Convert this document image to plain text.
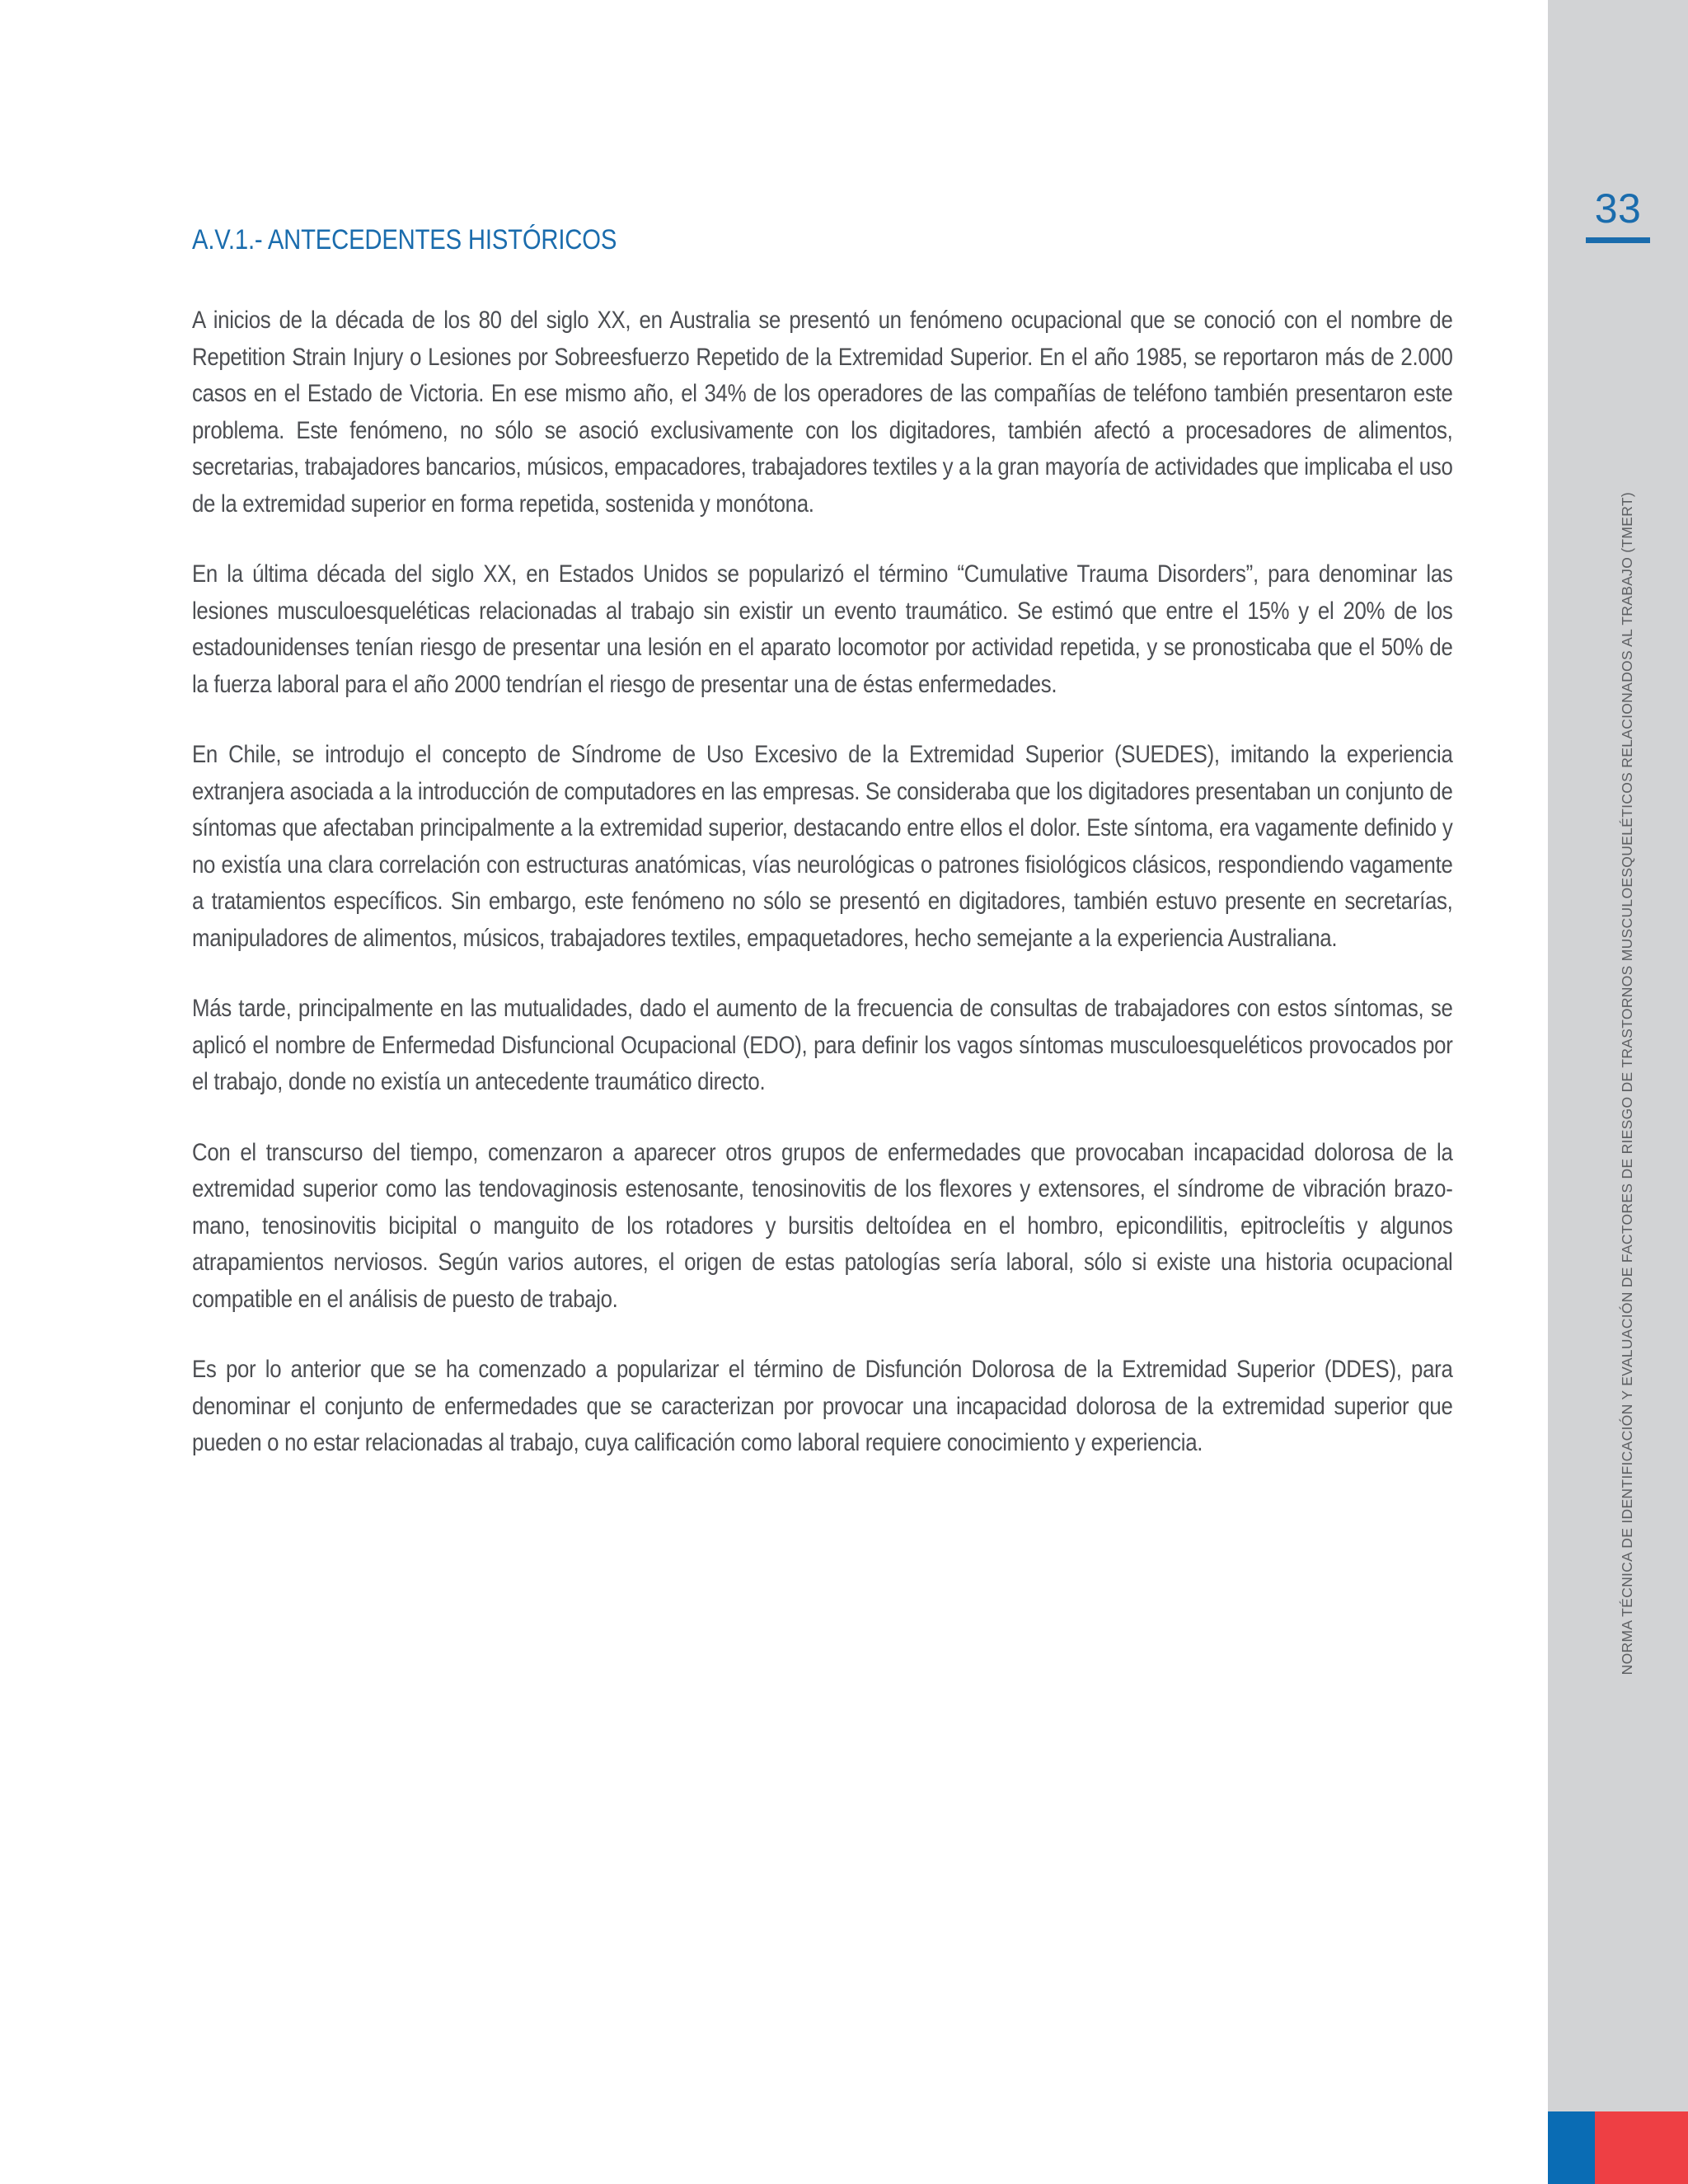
A.V.1.- ANTECEDENTES HISTÓRICOS

A inicios de la década de los 80 del siglo XX, en Australia se presentó un fenómeno ocupacional que se conoció con el nombre de Repetition Strain Injury o Lesiones por Sobreesfuerzo Repetido de la Extremidad Superior. En el año 1985, se reportaron más de 2.000 casos en el Estado de Victoria. En ese mismo año, el 34% de los operadores de las compañías de teléfono también presentaron este problema. Este fenómeno, no sólo se asoció exclusivamente con los digitadores, también afectó a procesadores de alimentos, secretarias, trabajadores bancarios, músicos, empacadores, trabajadores textiles y a la gran mayoría de actividades que implicaba el uso de la extremidad superior en forma repetida, sostenida y monótona.

En la última década del siglo XX, en Estados Unidos se popularizó el término “Cumulative Trauma Disorders”, para denominar las lesiones musculoesqueléticas relacionadas al trabajo sin existir un evento traumático. Se estimó que entre el 15% y el 20% de los estadounidenses tenían riesgo de presentar una lesión en el aparato locomotor por actividad repetida, y se pronosticaba que el 50% de la fuerza laboral para el año 2000 tendrían el riesgo de presentar una de éstas enfermedades.

En Chile, se introdujo el concepto de Síndrome de Uso Excesivo de la Extremidad Superior (SUEDES), imitando la experiencia extranjera asociada a la introducción de computadores en las empresas. Se consideraba que los digitadores presentaban un conjunto de síntomas que afectaban principalmente a la extremidad superior, destacando entre ellos el dolor. Este síntoma, era vagamente definido y no existía una clara correlación con estructuras anatómicas, vías neurológicas o patrones fisiológicos clásicos, respondiendo vagamente a tratamientos específicos. Sin embargo, este fenómeno no sólo se presentó en digitadores, también estuvo presente en secretarías, manipuladores de alimentos, músicos, trabajadores textiles, empaquetadores, hecho semejante a la experiencia Australiana.

Más tarde, principalmente en las mutualidades, dado el aumento de la frecuencia de consultas de trabajadores con estos síntomas, se aplicó el nombre de Enfermedad Disfuncional Ocupacional (EDO), para definir los vagos síntomas musculoesqueléticos provocados por el trabajo, donde no existía un antecedente traumático directo.

Con el transcurso del tiempo, comenzaron a aparecer otros grupos de enfermedades que provocaban incapacidad dolorosa de la extremidad superior como las tendovaginosis estenosante, tenosinovitis de los flexores y extensores, el síndrome de vibración brazo-mano, tenosinovitis bicipital o manguito de los rotadores y bursitis deltoídea en el hombro, epicondilitis, epitrocleítis y algunos atrapamientos nerviosos. Según varios autores, el origen de estas patologías sería laboral, sólo si existe una historia ocupacional compatible en el análisis de puesto de trabajo.

Es por lo anterior que se ha comenzado a popularizar el término de Disfunción Dolorosa de la Extremidad Superior (DDES), para denominar el conjunto de enfermedades que se caracterizan por provocar una incapacidad dolorosa de la extremidad superior que pueden o no estar relacionadas al trabajo, cuya calificación como laboral requiere conocimiento y experiencia.

33
NORMA TÉCNICA DE IDENTIFICACIÓN Y EVALUACIÓN DE FACTORES DE RIESGO DE TRASTORNOS MUSCULOESQUELÉTICOS RELACIONADOS AL TRABAJO (TMERT)
